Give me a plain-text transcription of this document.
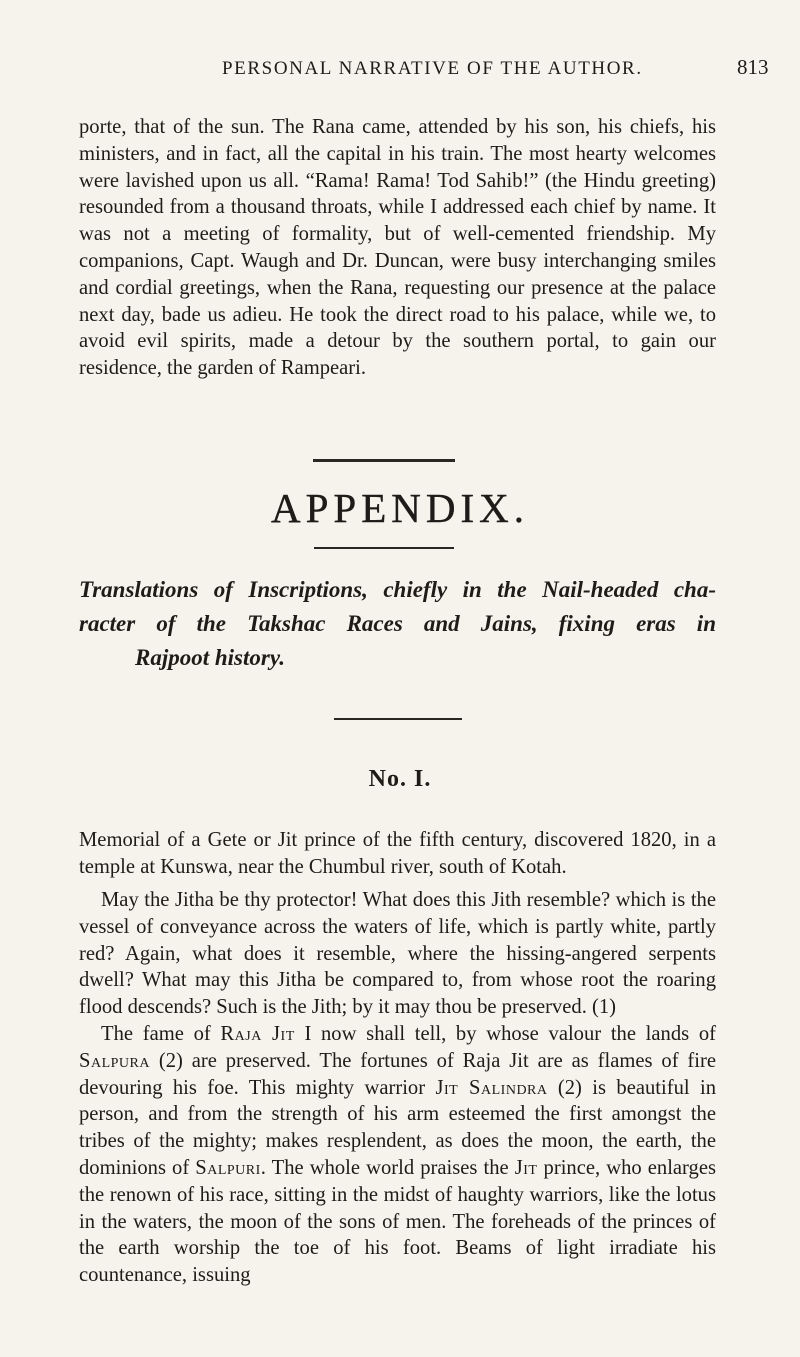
PERSONAL NARRATIVE OF THE AUTHOR.	813

porte, that of the sun. The Rana came, attended by his son, his chiefs, his ministers, and in fact, all the capital in his train. The most hearty welcomes were lavished upon us all. “Rama! Rama! Tod Sahib!” (the Hindu greeting) resounded from a thousand throats, while I addressed each chief by name. It was not a meeting of formality, but of well-cemented friendship. My companions, Capt. Waugh and Dr. Duncan, were busy interchanging smiles and cordial greetings, when the Rana, requesting our presence at the palace next day, bade us adieu. He took the direct road to his palace, while we, to avoid evil spirits, made a detour by the southern portal, to gain our residence, the garden of Rampeari.

APPENDIX.
Translations of Inscriptions, chiefly in the Nail-headed cha-
racter of the Takshac Races and Jains, fixing eras in
Rajpoot history.
No. I.

Memorial of a Gete or Jit prince of the fifth century, discovered 1820, in a temple at Kunswa, near the Chumbul river, south of Kotah.

May the Jitha be thy protector! What does this Jith resemble? which is the vessel of conveyance across the waters of life, which is partly white, partly red? Again, what does it resemble, where the hissing-angered serpents dwell? What may this Jitha be compared to, from whose root the roaring flood descends? Such is the Jith; by it may thou be preserved. (1)

The fame of Raja Jit I now shall tell, by whose valour the lands of Salpura (2) are preserved. The fortunes of Raja Jit are as flames of fire devouring his foe. This mighty warrior Jit Salindra (2) is beautiful in person, and from the strength of his arm esteemed the first amongst the tribes of the mighty; makes resplendent, as does the moon, the earth, the dominions of Salpuri. The whole world praises the Jit prince, who enlarges the renown of his race, sitting in the midst of haughty warriors, like the lotus in the waters, the moon of the sons of men. The foreheads of the princes of the earth worship the toe of his foot. Beams of light irradiate his countenance, issuing
